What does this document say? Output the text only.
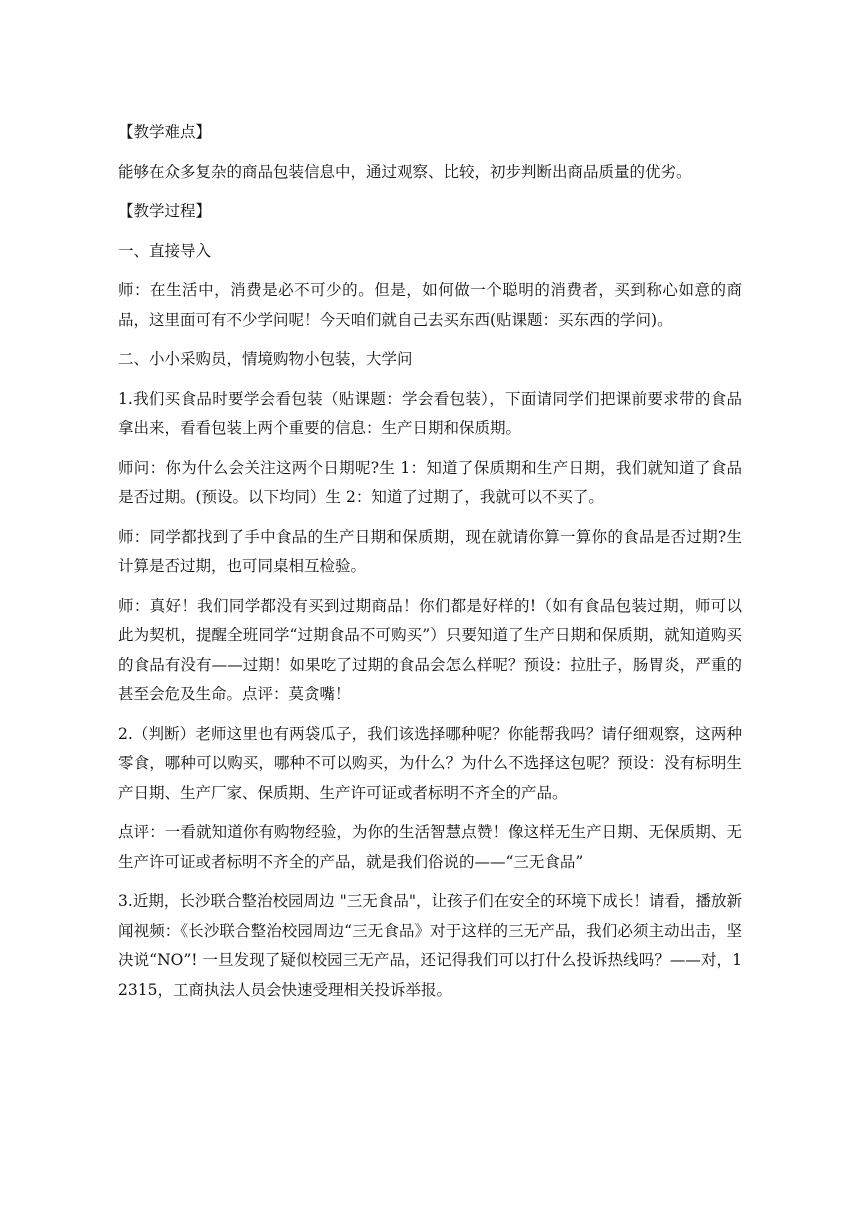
【教学难点】

能够在众多复杂的商品包装信息中，通过观察、比较，初步判断出商品质量的优劣。

【教学过程】
一、直接导入

师：在生活中，消费是必不可少的。但是，如何做一个聪明的消费者，买到称心如意的商品，这里面可有不少学问呢！今天咱们就自己去买东西(贴课题：买东西的学问)。

二、小小采购员，情境购物小包装，大学问

1.我们买食品时要学会看包装（贴课题：学会看包装），下面请同学们把课前要求带的食品拿出来，看看包装上两个重要的信息：生产日期和保质期。

师问：你为什么会关注这两个日期呢?生 1：知道了保质期和生产日期，我们就知道了食品是否过期。(预设。以下均同）生 2：知道了过期了，我就可以不买了。

师：同学都找到了手中食品的生产日期和保质期，现在就请你算一算你的食品是否过期?生计算是否过期，也可同桌相互检验。

师：真好！我们同学都没有买到过期商品！你们都是好样的!（如有食品包装过期，师可以此为契机，提醒全班同学“过期食品不可购买”）只要知道了生产日期和保质期，就知道购买的食品有没有——过期！如果吃了过期的食品会怎么样呢？预设：拉肚子，肠胃炎，严重的甚至会危及生命。点评：莫贪嘴！

2.（判断）老师这里也有两袋瓜子，我们该选择哪种呢？你能帮我吗？请仔细观察，这两种零食，哪种可以购买，哪种不可以购买，为什么？为什么不选择这包呢？预设：没有标明生产日期、生产厂家、保质期、生产许可证或者标明不齐全的产品。

点评：一看就知道你有购物经验，为你的生活智慧点赞！像这样无生产日期、无保质期、无生产许可证或者标明不齐全的产品，就是我们俗说的——“三无食品”

3.近期，长沙联合整治校园周边 "三无食品"，让孩子们在安全的环境下成长！请看，播放新闻视频：《长沙联合整治校园周边“三无食品》对于这样的三无产品，我们必须主动出击，坚决说“NO”! 一旦发现了疑似校园三无产品，还记得我们可以打什么投诉热线吗？——对，12315，工商执法人员会快速受理相关投诉举报。
